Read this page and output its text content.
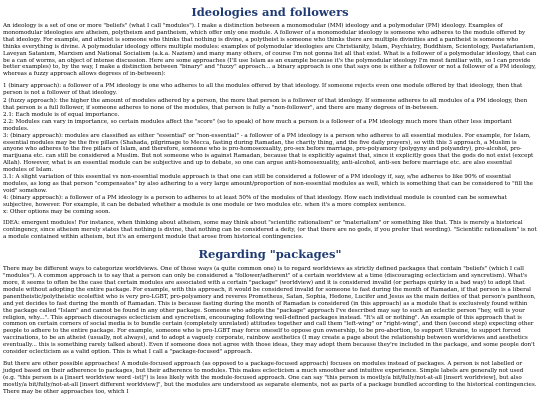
Ideologies and followers

An ideology is a set of one or more "beliefs" (what I call "modules"). I make a distinction between a monomodular (MM) ideology and a polymodular (PM) ideology. Examples of monomodular ideologies are atheism, polytheism and pantheism, which offer only one module. A follower of a monomodular ideology is someone who adheres to the module offered by that ideology. For example, and atheist is someone who thinks that nothing is divine, a polytheist is someone who thinks there are multiple divinities and a pantheist is someone who thinks everything is divine. A polymodular ideology offers multiple modules: examples of polymodular ideologies are Christianity, Islam, Psychiatry, Buddhism, Scientology, Pastafarianism, Laveyan Satanism, Marxism and National Socialism (a.k.a. Nazism) and many many others, of course I'm not gonna list all that exist. What is a follower of a polymodular ideology, that can be a can of worms, an object of intense discussion. Here are some approaches (I'll use Islam as an example because it's the polymodular ideology I'm most familiar with, so I can provide better examples) to, by the way, I make a distinction between "binary" and "fuzzy" approach... a binary approach is one that says one is either a follower or not a follower of a PM ideology, whereas a fuzzy approach allows degrees of in-between):

1 (binary approach): a follower of a PM ideology is one who adheres to all the modules offered by that ideology. If someone rejects even one module offered by that ideology, then that person is not a follower of that ideology.

2 (fuzzy approach): the higher the amount of modules adhered by a person, the more that person is a follower of that ideology. If someone adheres to all modules of a PM ideology, then that person is a full follower, if someone adheres to none of the modules, that person is fully a "non-follower", and there are many degrees of in-between.

2.1: Each module is of equal importance.

2.2: Modules can vary in importance, so certain modules affect the "score" (so to speak) of how much a person is a follower of a PM ideology much more than other less important modules.

3: (binary approach): modules are classified as either "essential" or "non-essential" - a follower of a PM ideology is a person who adheres to all essential modules. For example, for Islam, essential modules may be the five pillars (Shahada, pilgrimage to Mecca, fasting during Ramadan, the charity thing, and the five daily prayers), so with this 3 approach, a Muslim is anyone who adheres to the five pillars of Islam, and therefore, someone who is pro-homosexuality, pro-sex before marriage, pro-polyamory (polygyny and polyandry), pro-alcohol, pro-marijuana etc. can still be considered a Muslim. But not someone who is against Ramadan, because that is explicitly against that, since it explicitly goes that the gods do not exist (except Allah). However, what is an essential module can be subjective and up to debate, so one can argue anti-homosexuality, anti-alcohol, anti-sex before marriage etc. are also essential modules of Islam.

3.1: A slight variation of this essential vs non-essential module approach is that one can still be considered a follower of a PM ideology if, say, s/he adheres to like 90% of essential modules, as long as that person "compensates" by also adhering to a very large amount/proportion of non-essential modules as well, which is something that can be considered to "fill the void" somehow.

4: (binary approach): a follower of a PM ideology is a person to adheres to at least 50% of the modules of that ideology. How each individual module is counted can be somewhat subjective, however. For example, it can be debated whether a module is one module or two modules etc. when it's a more complex sentence.

x: Other options may be coming soon.

IDEA: emergent modules! For instance, when thinking about atheism, some may think about "scientific rationalism" or "materialism" or something like that. This is merely a historical contingency, since atheism merely states that nothing is divine, that nothing can be considered a deity, (or that there are no gods, if you prefer that wording). "Scientific rationalism" is not a module contained within atheism, but it's an emergent module that arose from historical contingencies.

Regarding "packages"

There may be different ways to categorize worldviews. One of those ways (a quite common one) is to regard worldviews as strictly defined packages that contain "beliefs" (which I call "modules"). A common approach is to say that a person can only be considered a "follower/adherent" of a certain worldview at a time (discouraging eclecticism and syncretism). What's more, it seems to often be the case that certain modules are associated with a certain "package" (worldview) and it is considered invalid (or perhaps quirky in a bad way) to adopt that module without adopting the entire package. For example, with this approach, it would be considered invalid for someone to fast during the month of Ramadan, if that person is a liberal panentheistic/polytheistic ecoleftist who is very pro-LGBT, pro-polyamory and reveres Prometheus, Satan, Sophia, Hedone, Lucifer and Jesus as the main deities of that person's pantheon, and yet decides to fast during the month of Ramadan. This is because fasting during the month of Ramadan is considered (in this approach) as a module that is exclusively found within the package called "Islam" and cannot be found in any other package. Someone who adopts the "package" approach I've described may say to such an eclectic person "hey, will is your religion, why...". This approach discourages eclecticism and syncretism, encouraging following well-defined packages instead. "It's all or nothing". An example of this approach that is common on certain corners of social media is to bundle certain (completely unrelated) attitudes together and call them "left-wing" or "right-wing", and then (second step) expecting other people to adhere to the entire package. For example, someone who is pro-LGBT may force oneself to oppose gun ownership, to be pro-abortion, to support Ukraine, to support forced vaccinations, to be an atheist (usually, not always), and to adopt a vaguely corporate, rainbow aesthetics (I may create a page about the relationship between worldviews and aesthetics eventually... this is something rarely talked about). Even if someone does not agree with those ideas, they may adopt them because they're included in the package, and some people don't consider eclecticism as a valid option. This is what I call a "package-focused" approach.

But there are other possible approaches! A module-focused approach (as opposed to a package-focused approach) focuses on modules instead of packages. A person is not labelled or judged based on their adherence to packages, but their adherence to modules. This makes eclecticism a much smoother and intuitive experience. Simple labels are generally not used (e.g. "this person is a [insert worldview word -ist]") is less likely with the module-focused approach. One can say "this person is mostly/a bit/fully/not-at-all [insert worldview], but also mostly/a bit/fully/not-at-all [insert different worldview]", but the modules are understood as separate elements, not as parts of a package bundled according to the historical contingencies. There may be other approaches too, which I
